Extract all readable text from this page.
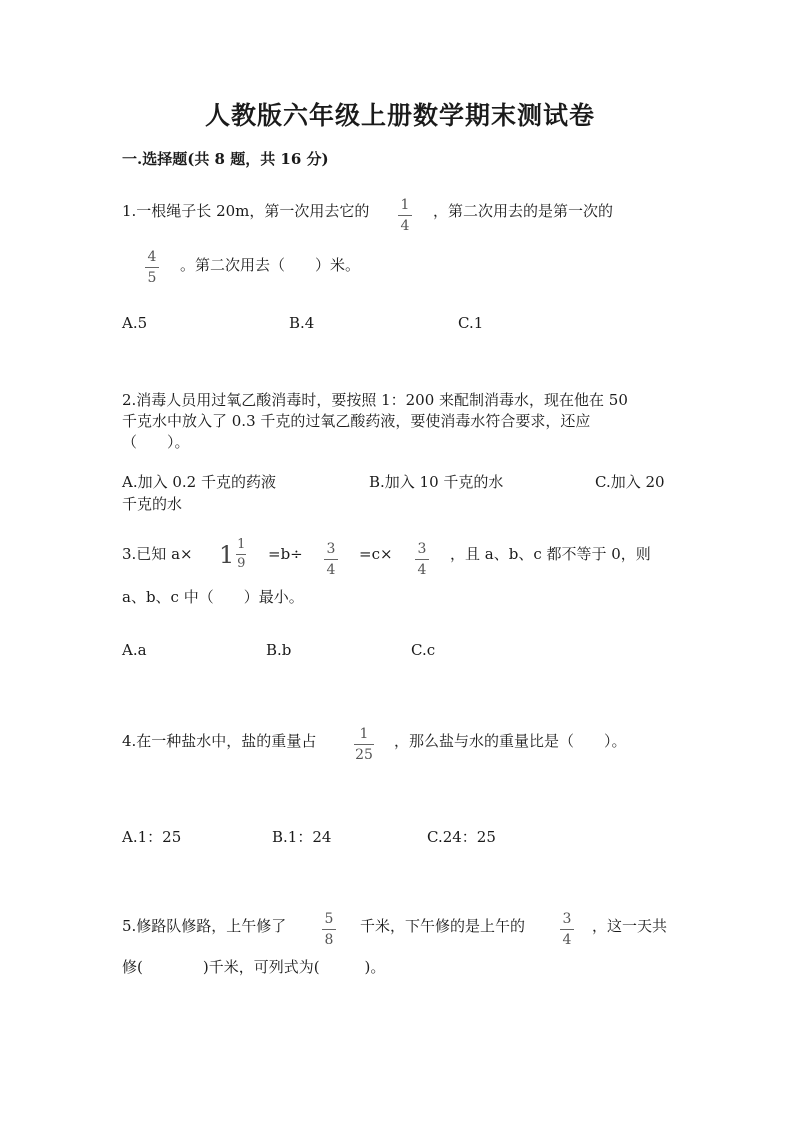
人教版六年级上册数学期末测试卷
一.选择题(共 8 题，共 16 分)
1.一根绳子长 20m，第一次用去它的 1
4
，第二次用去的是第一次的
4
5
。第二次用去（　　）米。
A.5	B.4	C.1
2.消毒人员用过氧乙酸消毒时，要按照 1：200 来配制消毒水，现在他在 50
千克水中放入了 0.3 千克的过氧乙酸药液，要使消毒水符合要求，还应
（　　）。
A.加入 0.2 千克的药液	B.加入 10 千克的水	C.加入 20
千克的水
3.已知 $a\times 1 \frac{1}{9} =b\div 3$
4
=c× 3
4
，且 a、b、c 都不等于 0，则
a、b、c 中（　　）最小。
A.a	B.b	C.c
4.在一种盐水中，盐的重量占	1
25
，那么盐与水的重量比是（　　）。
A.1：25	B.1：24	C.24：25
5.修路队修路，上午修了	5
8
千米，下午修的是上午的	3
4
，这一天共
修(　　　　)千米，可列式为(　　　)。
